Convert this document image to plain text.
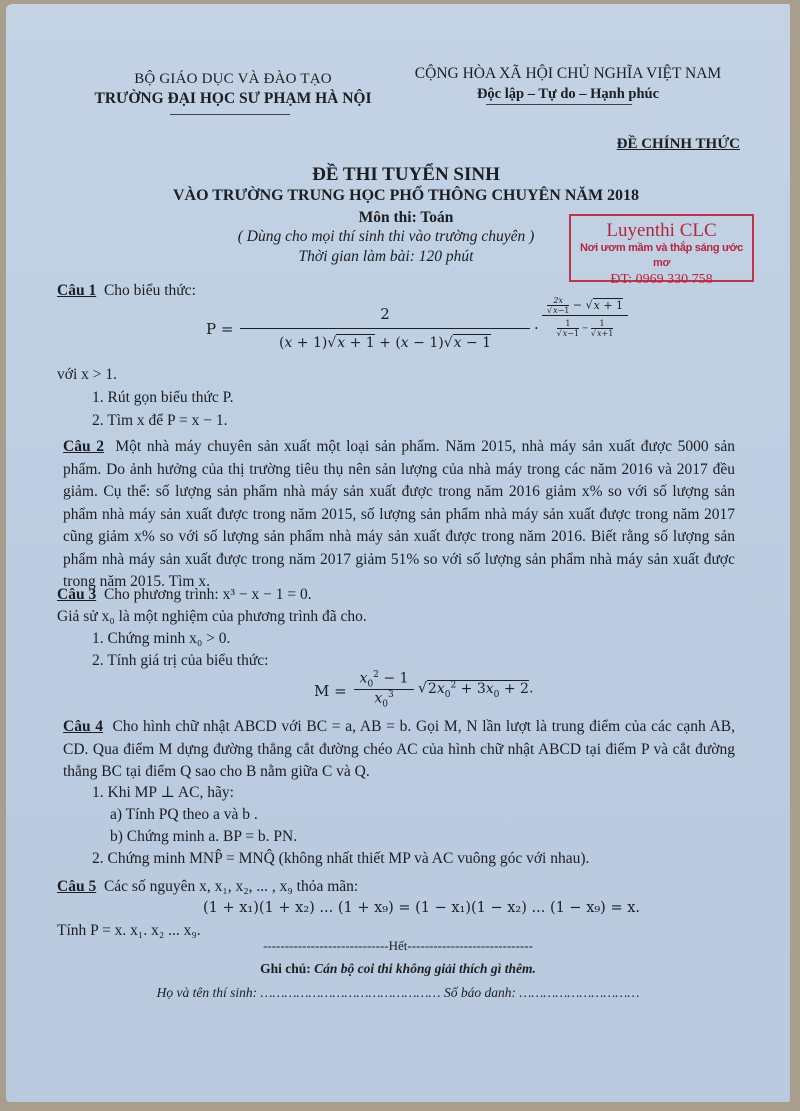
BỘ GIÁO DỤC VÀ ĐÀO TẠO
TRƯỜNG ĐẠI HỌC SƯ PHẠM HÀ NỘI
CỘNG HÒA XÃ HỘI CHỦ NGHĨA VIỆT NAM
Độc lập – Tự do – Hạnh phúc
ĐỀ CHÍNH THỨC
ĐỀ THI TUYỂN SINH
VÀO TRƯỜNG TRUNG HỌC PHỔ THÔNG CHUYÊN NĂM 2018
Môn thi: Toán
( Dùng cho mọi thí sinh thi vào trường chuyên )
Thời gian làm bài: 120 phút
Luyenthi CLC
Nơi ươm mầm và thắp sáng ước mơ
ĐT: 0969 330 758
Câu 1 Cho biểu thức:
$P = \frac{2}{(x + 1)√x + 1 + (x - 1)√x - 1}$ ·
$\frac{2x}{√x-1} - √x + 1$
$\frac{1}{√x-1} - \frac{1}{√x+1}$
với x > 1.
1. Rút gọn biểu thức P.
2. Tìm x để P = x − 1.
Câu 2 Một nhà máy chuyên sản xuất một loại sản phẩm. Năm 2015, nhà máy sản xuất được 5000 sản phẩm. Do ảnh hưởng của thị trường tiêu thụ nên sản lượng của nhà máy trong các năm 2016 và 2017 đều giảm. Cụ thể: số lượng sản phẩm nhà máy sản xuất được trong năm 2016 giảm x% so với số lượng sản phẩm nhà máy sản xuất được trong năm 2015, số lượng sản phẩm nhà máy sản xuất được trong năm 2017 cũng giảm x% so với số lượng sản phẩm nhà máy sản xuất được trong năm 2016. Biết rằng số lượng sản phẩm nhà máy sản xuất được trong năm 2017 giảm 51% so với số lượng sản phẩm nhà máy sản xuất được trong năm 2015. Tìm x.
Câu 3 Cho phương trình: x³ − x − 1 = 0.
Giả sử x₀ là một nghiệm của phương trình đã cho.
1. Chứng minh x₀ > 0.
2. Tính giá trị của biểu thức:
$M = \frac{x_0^2 - 1}{x_0^3} √2x_0^2 + 3x_0 + 2$.
Câu 4 Cho hình chữ nhật ABCD với BC = a, AB = b. Gọi M, N lần lượt là trung điểm của các cạnh AB, CD. Qua điểm M dựng đường thẳng cắt đường chéo AC của hình chữ nhật ABCD tại điểm P và cắt đường thẳng BC tại điểm Q sao cho B nằm giữa C và Q.
1. Khi MP ⊥ AC, hãy:
a) Tính PQ theo a và b .
b) Chứng minh a. BP = b. PN.
2. Chứng minh MNP̂ = MNQ̂ (không nhất thiết MP và AC vuông góc với nhau).
Câu 5 Các số nguyên x, x₁, x₂, ... , x₉ thỏa mãn:
(1 + x₁)(1 + x₂) ... (1 + x₉) = (1 − x₁)(1 − x₂) ... (1 − x₉) = x.
Tính P = x. x₁. x₂ ... x₉.
-----------------------------Hết-----------------------------
Ghi chú: Cán bộ coi thi không giải thích gì thêm.
Họ và tên thí sinh: ……………………………………… Số báo danh: …………………………
